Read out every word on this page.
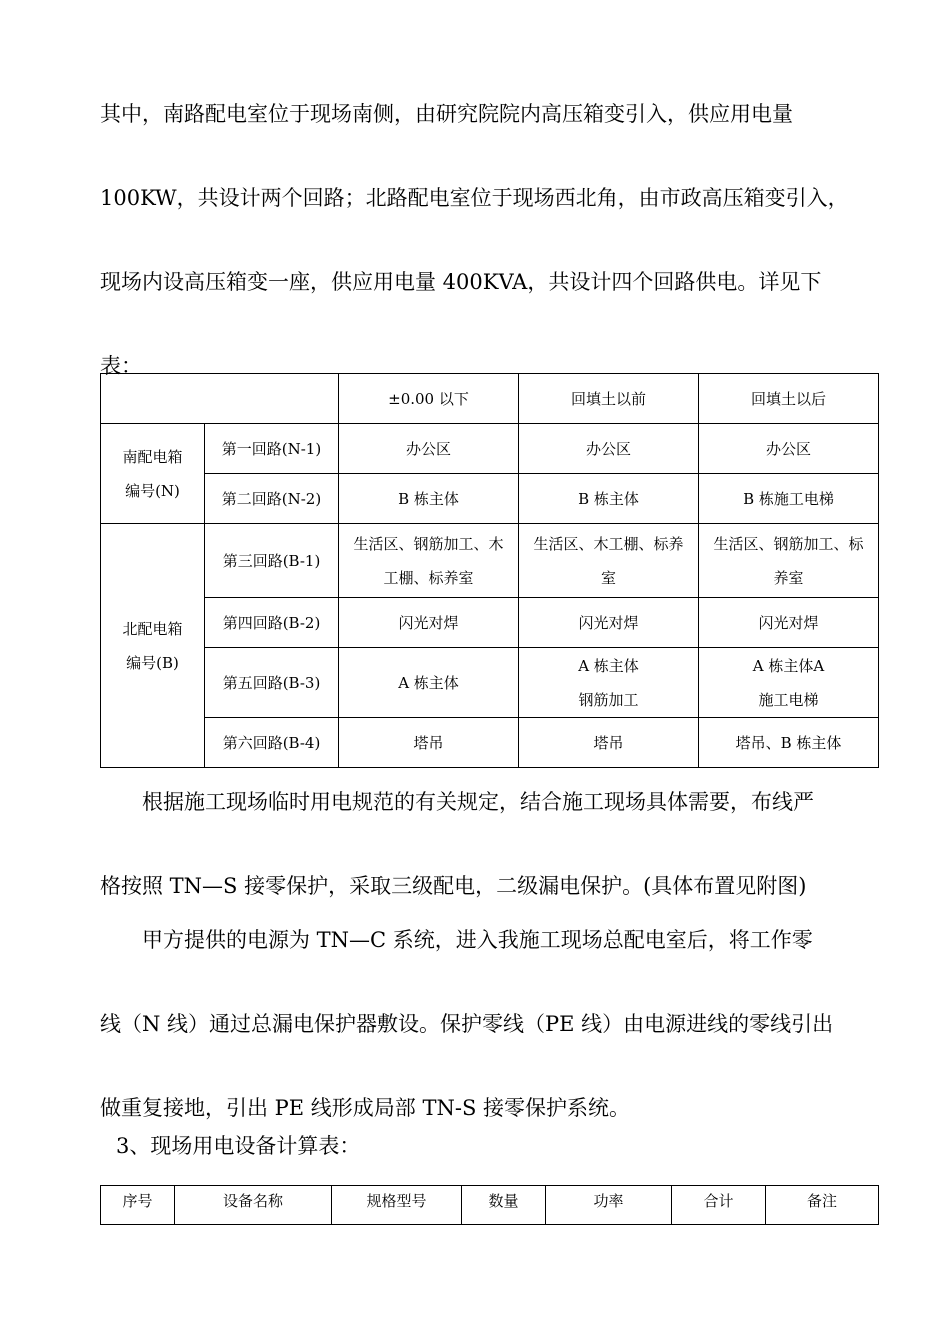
其中，南路配电室位于现场南侧，由研究院院内高压箱变引入，供应用电量
100KW，共设计两个回路；北路配电室位于现场西北角，由市政高压箱变引入，
现场内设高压箱变一座，供应用电量 400KVA，共设计四个回路供电。详见下
表：
		±0.00 以下	回填土以前	回填土以后
南配电箱编号(N)	第一回路(N-1)	办公区	办公区	办公区
	第二回路(N-2)	B 栋主体	B 栋主体	B 栋施工电梯
北配电箱编号(B)	第三回路(B-1)	生活区、钢筋加工、木工棚、标养室	生活区、木工棚、标养室	生活区、钢筋加工、标养室
	第四回路(B-2)	闪光对焊	闪光对焊	闪光对焊
	第五回路(B-3)	A 栋主体	A 栋主体钢筋加工	A 栋主体A 施工电梯
	第六回路(B-4)	塔吊	塔吊	塔吊、B 栋主体
根据施工现场临时用电规范的有关规定，结合施工现场具体需要，布线严
格按照 TN—S 接零保护，采取三级配电，二级漏电保护。(具体布置见附图)
甲方提供的电源为 TN—C 系统，进入我施工现场总配电室后，将工作零
线（N 线）通过总漏电保护器敷设。保护零线（PE 线）由电源进线的零线引出
做重复接地，引出 PE 线形成局部 TN-S 接零保护系统。

3、现场用电设备计算表：

序号	设备名称	规格型号	数量	功率	合计	备注
